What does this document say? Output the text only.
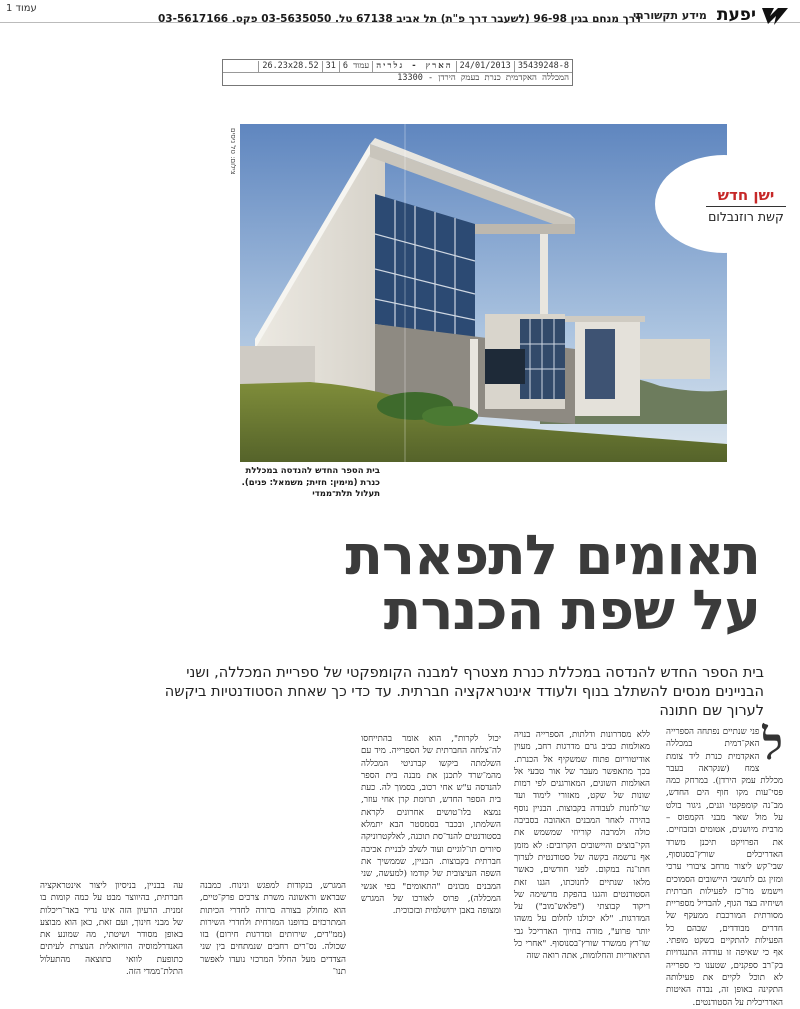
עמוד 1	יפעת
מידע תקשורתי
דרך מנחם בגין 96-98 (לשעבר דרך פ"ת) תל אביב 67138 טל. 03-5635050 פקס. 03-5617166
35439248-8
24/01/2013
הארץ - גלריה
עמוד 6
31
26.23x28.52
המכללה האקדמית כנרת בעמק הירדן - 13300
צילום: טל ניסים
בית הספר החדש להנדסה במכללת כנרת (מימין: חזית; משמאל: פנים). תעלול תלת־ממדי
ישן חדש
קשת רוזנבלום
תאומים לתפארת
על שפת הכנרת
בית הספר החדש להנדסה במכללת כנרת מצטרף למבנה הקומפקטי של ספריית המכללה, ושני הבניינים מנסים להשתלב בנוף ולעודד אינטראקציה חברתית. עד כדי כך שאחת הסטודנטיות ביקשה לערוך שם חתונה
ל
פני שנתיים נפתחה הספרייה האק־דמית במכללה האקדמית כנרת ליד צומת צמח (שנקראה בעבר מכללת עמק הירדן). במרחק כמה פסי־עות מקו חוף הים החדש, מב־נה קומפקטי וגנים, גיגור בולט על מול שאר מבני הקמפוס – מרבית מיושנים, אטומים ובזבוזיים. את הפרויקט תיכנן משרד האדריכלים שורץ־בסנוסוף, שבי־קש ליצור מרחב ציבורי ערכי ומזין גם לתושבי היישובים הסמוכים וישמש מר־כז לפעילות חברתית ושיחיה בצד הגוף, להבדיל מספריית מסורתית המורכבת ממעקף של חדרים מבודדים, שבהם כל הפעילות להתקיים בשקט מופתי. אף כי שאיפה זו עודדה התנגדויות בק־רב ספקנים, שטענו כי ספרייה לא תוכל לקיים את פעילותה התקינה באופן זה, נבדה האיטות האדריכלית על הסטודנטים.
ללא מסדרונות ודלתות, הספרייה בנויה מאולמות כביב גרם מדרגות רחב, מעוין אודיטוריום פתוח שמשקיף אל הכנרת. בכך מתאפשר מעבר של אור טבעי אל האולמות השונים, המאורגנים לפי רמות שונות של שקט, מאזורי לימוד ועד שו־לחנות לעבודה בקבוצות. הבניין נוסף בהירה לאחר המבנים האהובה בסביבה כולה ולמרבה קוריוזי שמשמש את הקי־בוצים והיישובים הקרובים: לא מזמן אף נרשמה בקשה של סטודנטית לערוך חתו־נה במקום. לפני חודשים, כאשר מלאו שנתיים לחנוכתו, הגנו זאת הסטודנטים והגנו בהפקת מרשימה של ריקוד קבוצתי ("פלאש־מוב") על המדרגות. "לא יכולנו לחלום על משהו יותר פרוע", מודה בחיוך האדריכל גבי שו־רץ ממשרד שורץ־בסנוסוף. "אחרי כל התיאוריות והחלומות, אתה רואה שזה
יכול לקרות", הוא אומר בהתייחסו לה־צלחה החברתית של הספרייה. מיד עם השלמתה ביקשו קברניטי המכללה מהמ־שרד לתכנן את מבנה בית הספר להנדסה ע"ש אחי רכוב, בסמוך לה. כעת בית הספר החדש, תרומת קרן אחי עוזר, נמצא בלו־טושים אחרונים לקראת השלמתו, ובכבר בסמסטר הבא יתמלא בסטודנטים להנד־סת תוכנה, לאלקטרוניקה סיורים תו־לוגיים ועוד לשלב לבניית אכיבה חברתית בקבוצות. הבניין, שממשיך את השפה העיצובית של קודמו (למעשה, שני המבנים מכונים "התאומים" בפי אנשי המכללה), פרוס לאורכו של המגרש ומצופה באבן ירושלמית ובזכוכית.
המגרש, בנקודות למפגש ונינוח. כמבנה שבראש וראשונה משרת צרכים פרק־טיים, הוא מחולק בצורה ברורה לחדרי הכיתות המתרכזים בדופנו המזרחית ולחדרי השירות (ממ"דים, שירותים ומדרגות חירום) בזו שכולה. נס־רים רחבים שנמתחים בין שני הצדדים מעל החלל המרכזי נועדו לאפשר תנו־
עה בבניין, בניסיון ליצור אינטראקציה חברתית, בהיווצר מבט על כמה קומות בו זמנית. הרעיון הזה אינו נדיר באד־ריכלות של מבני חינוך, ועם זאת, כאן הוא מבוצע באופן מסודר ושיטתי, מה שמונע את האנדרלמוסיה הוויזואלית הנוצרת לעיתים כתופעת לוואי כתוצאה מהתעלול התלת־ממדי הזה.
